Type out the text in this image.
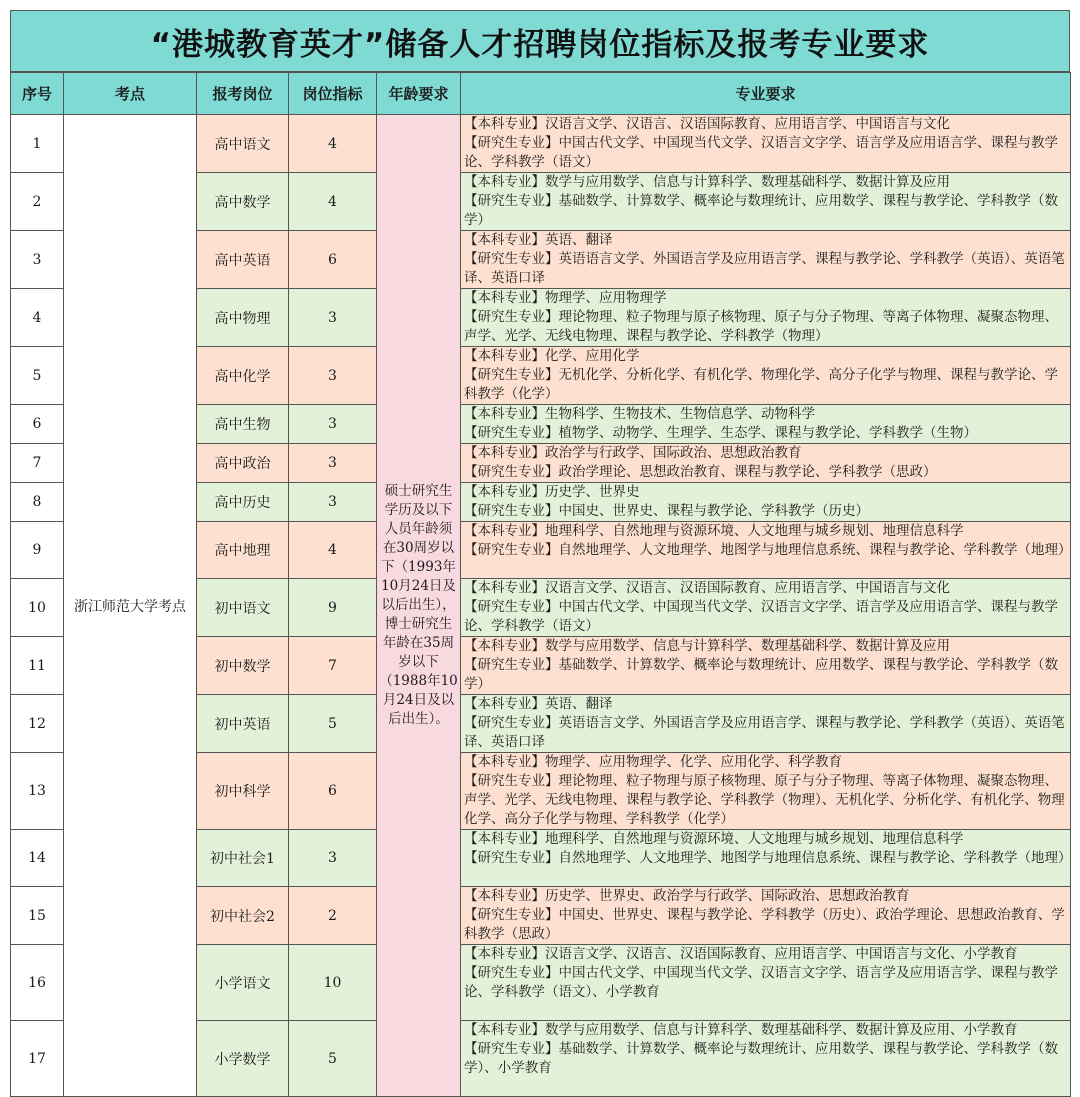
“港城教育英才”储备人才招聘岗位指标及报考专业要求
序号	考点	报考岗位	岗位指标	年龄要求	专业要求
1	浙江师范大学考点	高中语文	4	硕士研究生学历及以下人员年龄须在30周岁以下（1993年10月24日及以后出生），博士研究生年龄在35周岁以下（1988年10月24日及以后出生）。	【本科专业】汉语言文学、汉语言、汉语国际教育、应用语言学、中国语言与文化
【研究生专业】中国古代文学、中国现当代文学、汉语言文字学、语言学及应用语言学、课程与教学论、学科教学（语文）

2		高中数学	4		【本科专业】数学与应用数学、信息与计算科学、数理基础科学、数据计算及应用
【研究生专业】基础数学、计算数学、概率论与数理统计、应用数学、课程与教学论、学科教学（数学）

3		高中英语	6		【本科专业】英语、翻译
【研究生专业】英语语言文学、外国语言学及应用语言学、课程与教学论、学科教学（英语）、英语笔译、英语口译

4		高中物理	3		【本科专业】物理学、应用物理学
【研究生专业】理论物理、粒子物理与原子核物理、原子与分子物理、等离子体物理、凝聚态物理、声学、光学、无线电物理、课程与教学论、学科教学（物理）

5		高中化学	3		【本科专业】化学、应用化学
【研究生专业】无机化学、分析化学、有机化学、物理化学、高分子化学与物理、课程与教学论、学科教学（化学）

6		高中生物	3		【本科专业】生物科学、生物技术、生物信息学、动物科学
【研究生专业】植物学、动物学、生理学、生态学、课程与教学论、学科教学（生物）

7		高中政治	3		【本科专业】政治学与行政学、国际政治、思想政治教育
【研究生专业】政治学理论、思想政治教育、课程与教学论、学科教学（思政）

8		高中历史	3		【本科专业】历史学、世界史
【研究生专业】中国史、世界史、课程与教学论、学科教学（历史）

9		高中地理	4		【本科专业】地理科学、自然地理与资源环境、人文地理与城乡规划、地理信息科学
【研究生专业】自然地理学、人文地理学、地图学与地理信息系统、课程与教学论、学科教学（地理）

10		初中语文	9		【本科专业】汉语言文学、汉语言、汉语国际教育、应用语言学、中国语言与文化
【研究生专业】中国古代文学、中国现当代文学、汉语言文字学、语言学及应用语言学、课程与教学论、学科教学（语文）

11		初中数学	7		【本科专业】数学与应用数学、信息与计算科学、数理基础科学、数据计算及应用
【研究生专业】基础数学、计算数学、概率论与数理统计、应用数学、课程与教学论、学科教学（数学）

12		初中英语	5		【本科专业】英语、翻译
【研究生专业】英语语言文学、外国语言学及应用语言学、课程与教学论、学科教学（英语）、英语笔译、英语口译

13		初中科学	6		【本科专业】物理学、应用物理学、化学、应用化学、科学教育
【研究生专业】理论物理、粒子物理与原子核物理、原子与分子物理、等离子体物理、凝聚态物理、声学、光学、无线电物理、课程与教学论、学科教学（物理）、无机化学、分析化学、有机化学、物理化学、高分子化学与物理、学科教学（化学）

14		初中社会1	3		【本科专业】地理科学、自然地理与资源环境、人文地理与城乡规划、地理信息科学
【研究生专业】自然地理学、人文地理学、地图学与地理信息系统、课程与教学论、学科教学（地理）

15		初中社会2	2		【本科专业】历史学、世界史、政治学与行政学、国际政治、思想政治教育
【研究生专业】中国史、世界史、课程与教学论、学科教学（历史）、政治学理论、思想政治教育、学科教学（思政）

16		小学语文	10		【本科专业】汉语言文学、汉语言、汉语国际教育、应用语言学、中国语言与文化、小学教育
【研究生专业】中国古代文学、中国现当代文学、汉语言文字学、语言学及应用语言学、课程与教学论、学科教学（语文）、小学教育

17		小学数学	5		【本科专业】数学与应用数学、信息与计算科学、数理基础科学、数据计算及应用、小学教育
【研究生专业】基础数学、计算数学、概率论与数理统计、应用数学、课程与教学论、学科教学（数学）、小学教育
